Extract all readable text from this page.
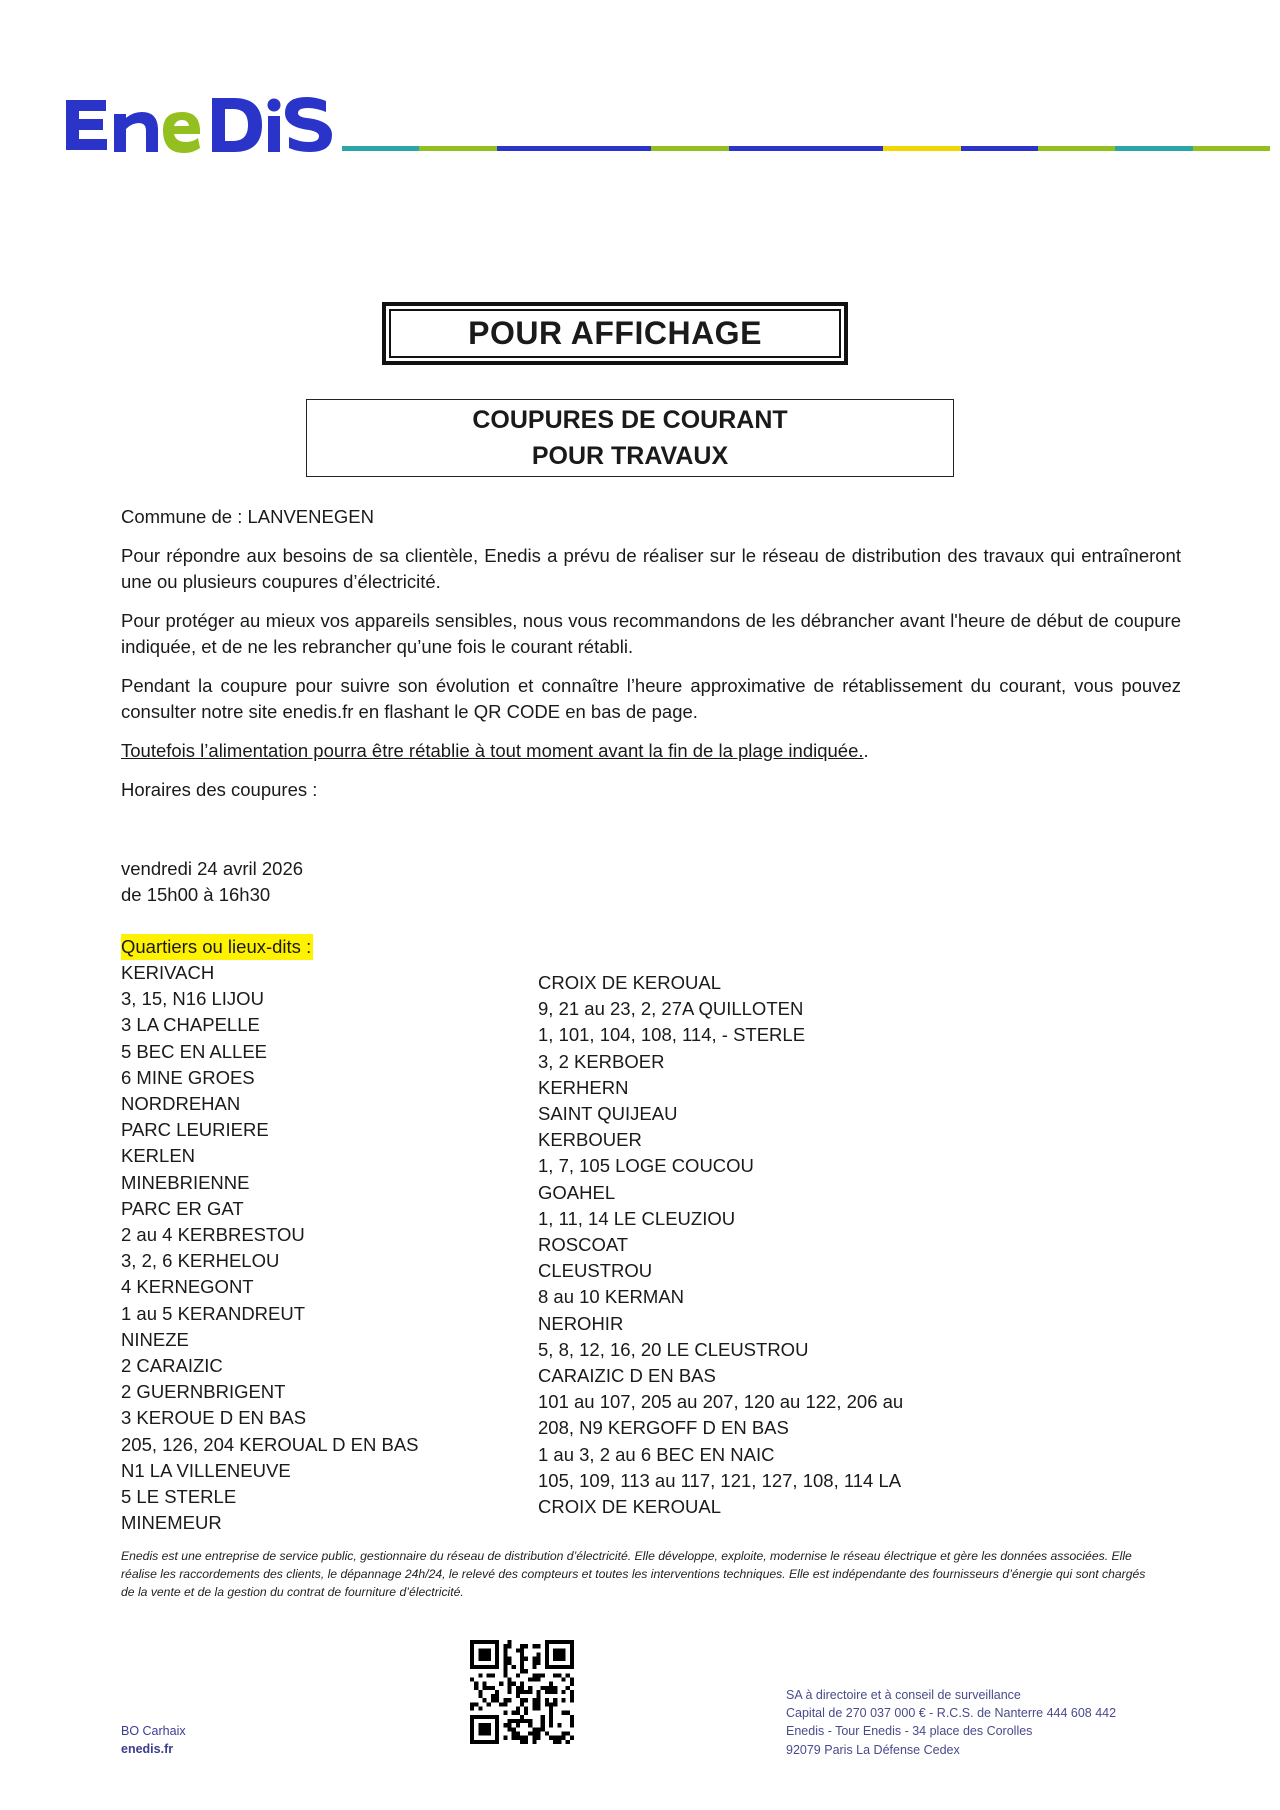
POUR AFFICHAGE
COUPURES DE COURANT
POUR TRAVAUX
Commune de : LANVENEGEN
Pour répondre aux besoins de sa clientèle, Enedis a prévu de réaliser sur le réseau de distribution des travaux qui entraîneront une ou plusieurs coupures d’électricité.
Pour protéger au mieux vos appareils sensibles, nous vous recommandons de les débrancher avant l'heure de début de coupure indiquée, et de ne les rebrancher qu’une fois le courant rétabli.
Pendant la coupure pour suivre son évolution et connaître l’heure approximative de rétablissement du courant, vous pouvez consulter notre site enedis.fr en flashant le QR CODE en bas de page.
Toutefois l’alimentation pourra être rétablie à tout moment avant la fin de la plage indiquée..
Horaires des coupures :
vendredi 24 avril 2026
de 15h00 à 16h30
Quartiers ou lieux-dits :
KERIVACH
3, 15, N16 LIJOU
3 LA CHAPELLE
5 BEC EN ALLEE
6 MINE GROES
NORDREHAN
PARC LEURIERE
KERLEN
MINEBRIENNE
PARC ER GAT
2 au 4 KERBRESTOU
3, 2, 6 KERHELOU
4 KERNEGONT
1 au 5 KERANDREUT
NINEZE
2 CARAIZIC
2 GUERNBRIGENT
3 KEROUE D EN BAS
205, 126, 204 KEROUAL D EN BAS
N1 LA VILLENEUVE
5 LE STERLE
MINEMEUR
CROIX DE KEROUAL
9, 21 au 23, 2, 27A QUILLOTEN
1, 101, 104, 108, 114, - STERLE
3, 2 KERBOER
KERHERN
SAINT QUIJEAU
KERBOUER
1, 7, 105 LOGE COUCOU
GOAHEL
1, 11, 14 LE CLEUZIOU
ROSCOAT
CLEUSTROU
8 au 10 KERMAN
NEROHIR
5, 8, 12, 16, 20 LE CLEUSTROU
CARAIZIC D EN BAS
101 au 107, 205 au 207, 120 au 122, 206 au
208, N9 KERGOFF D EN BAS
1 au 3, 2 au 6 BEC EN NAIC
105, 109, 113 au 117, 121, 127, 108, 114 LA
CROIX DE KEROUAL
Enedis est une entreprise de service public, gestionnaire du réseau de distribution d’électricité. Elle développe, exploite, modernise le réseau électrique et gère les données associées. Elle réalise les raccordements des clients, le dépannage 24h/24, le relevé des compteurs et toutes les interventions techniques. Elle est indépendante des fournisseurs d’énergie qui sont chargés de la vente et de la gestion du contrat de fourniture d’électricité.
BO Carhaix
enedis.fr
SA à directoire et à conseil de surveillance
Capital de 270 037 000 € - R.C.S. de Nanterre 444 608 442
Enedis - Tour Enedis - 34 place des Corolles
92079 Paris La Défense Cedex
